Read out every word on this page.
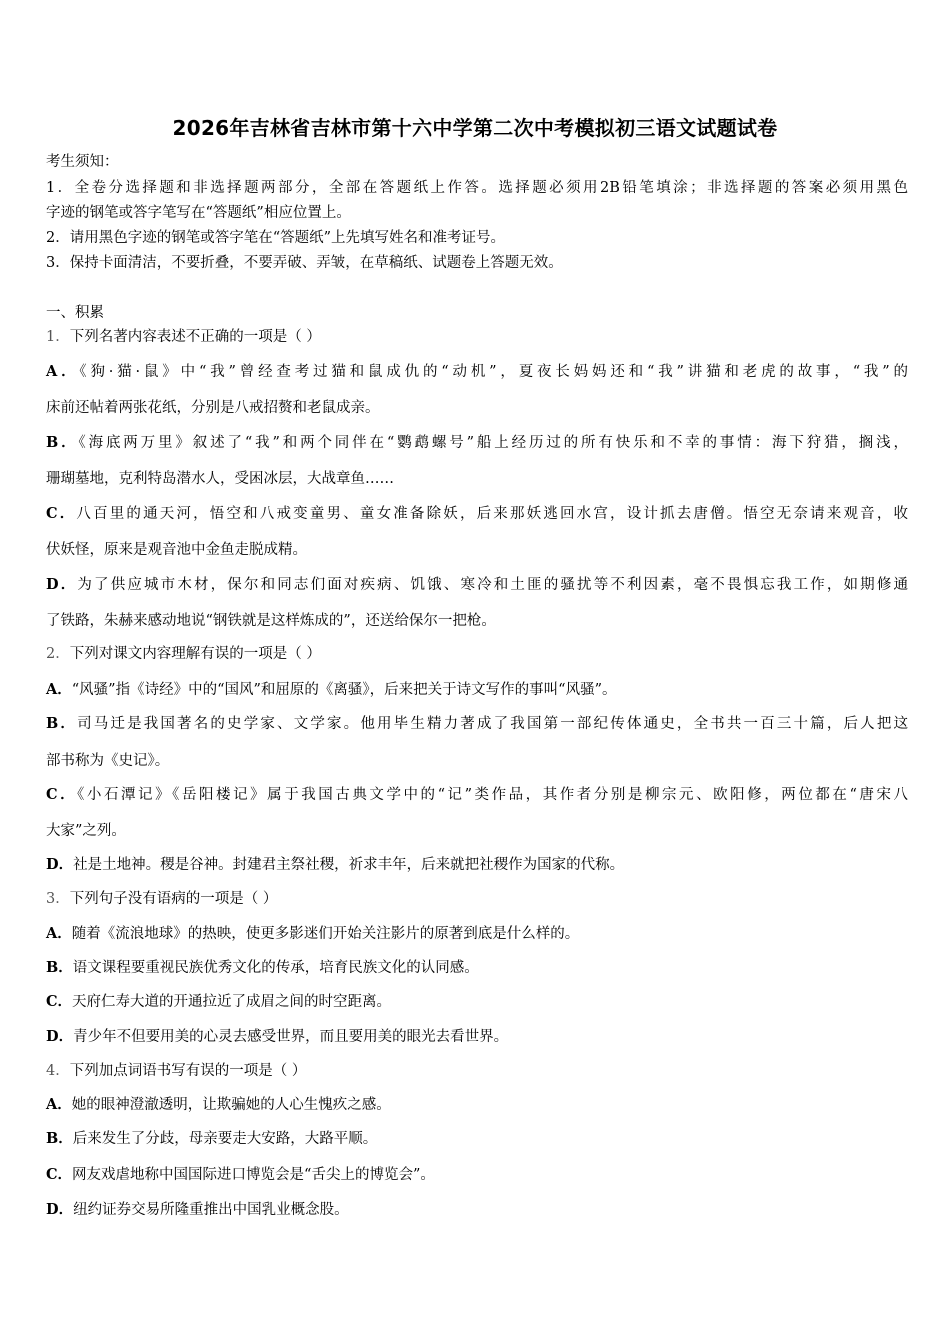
2026年吉林省吉林市第十六中学第二次中考模拟初三语文试题试卷
考生须知：
1．全卷分选择题和非选择题两部分，全部在答题纸上作答。选择题必须用2B铅笔填涂；非选择题的答案必须用黑色
字迹的钢笔或答字笔写在“答题纸”相应位置上。
2．请用黑色字迹的钢笔或答字笔在“答题纸”上先填写姓名和准考证号。
3．保持卡面清洁，不要折叠，不要弄破、弄皱，在草稿纸、试题卷上答题无效。
一、积累
1．下列名著内容表述不正确的一项是（ ）
A．《狗·猫·鼠》中“我”曾经查考过猫和鼠成仇的“动机”，夏夜长妈妈还和“我”讲猫和老虎的故事，“我”的
床前还帖着两张花纸，分别是八戒招赘和老鼠成亲。
B．《海底两万里》叙述了“我”和两个同伴在“鹦鹉螺号”船上经历过的所有快乐和不幸的事情：海下狩猎，搁浅，
珊瑚墓地，克利特岛潜水人，受困冰层，大战章鱼……
C．八百里的通天河，悟空和八戒变童男、童女准备除妖，后来那妖逃回水宫，设计抓去唐僧。悟空无奈请来观音，收
伏妖怪，原来是观音池中金鱼走脱成精。
D．为了供应城市木材，保尔和同志们面对疾病、饥饿、寒冷和土匪的骚扰等不利因素，毫不畏惧忘我工作，如期修通
了铁路，朱赫来感动地说“钢铁就是这样炼成的”，还送给保尔一把枪。
2．下列对课文内容理解有误的一项是（ ）
A．“风骚”指《诗经》中的“国风”和屈原的《离骚》，后来把关于诗文写作的事叫“风骚”。
B．司马迁是我国著名的史学家、文学家。他用毕生精力著成了我国第一部纪传体通史，全书共一百三十篇，后人把这
部书称为《史记》。
C．《小石潭记》《岳阳楼记》属于我国古典文学中的“记”类作品，其作者分别是柳宗元、欧阳修，两位都在“唐宋八
大家”之列。
D．社是土地神。稷是谷神。封建君主祭社稷，祈求丰年，后来就把社稷作为国家的代称。
3．下列句子没有语病的一项是（ ）
A．随着《流浪地球》的热映，使更多影迷们开始关注影片的原著到底是什么样的。
B．语文课程要重视民族优秀文化的传承，培育民族文化的认同感。
C．天府仁寿大道的开通拉近了成眉之间的时空距离。
D．青少年不但要用美的心灵去感受世界，而且要用美的眼光去看世界。
4．下列加点词语书写有误的一项是（ ）
A．她的眼神澄澈透明，让欺骗她的人心生愧疚之感。
B．后来发生了分歧，母亲要走大安路，大路平顺。
C．网友戏虐地称中国国际进口博览会是“舌尖上的博览会”。
D．纽约证券交易所隆重推出中国乳业概念股。
